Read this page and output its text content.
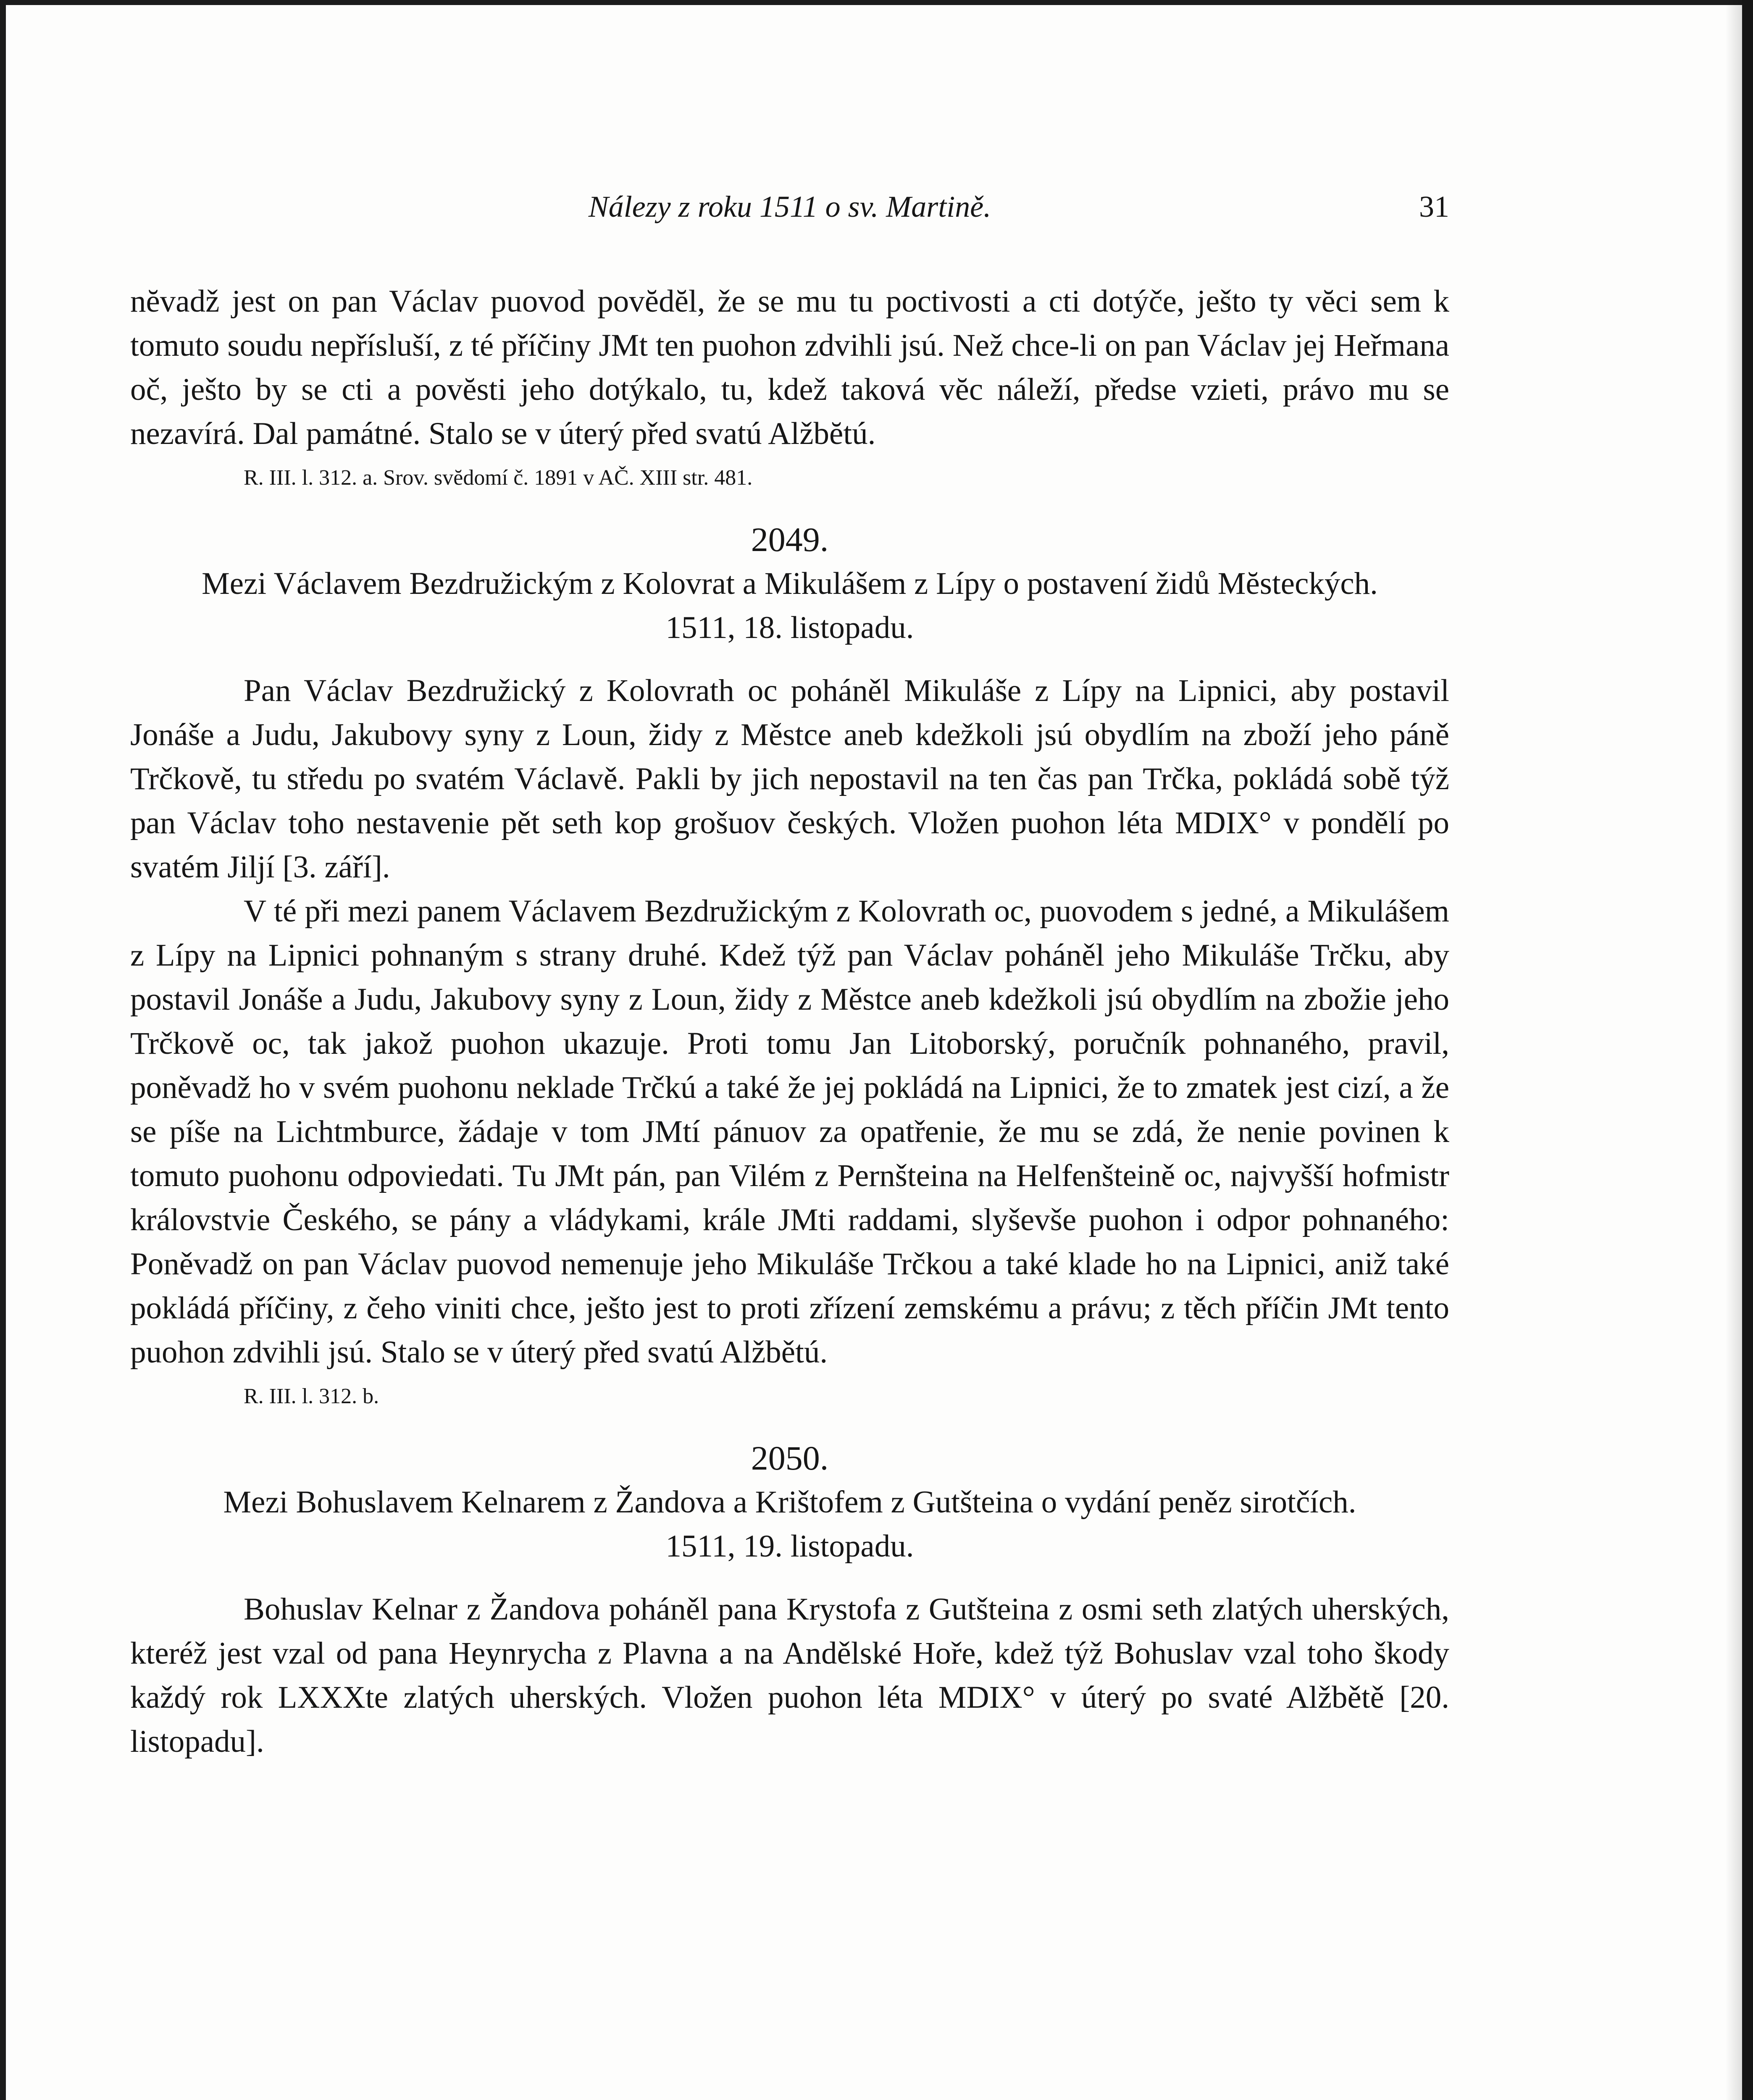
Nálezy z roku 1511 o sv. Martině.	31

nĕvadž jest on pan Václav puovod povĕdĕl, že se mu tu poctivosti a cti dotýče, ješto ty vĕci sem k tomuto soudu nepřísluší, z té příčiny JMt ten puohon zdvihli jsú. Než chce-li on pan Václav jej Heřmana oč, ješto by se cti a povĕsti jeho dotýkalo, tu, kdež taková vĕc náleží, předse vzieti, právo mu se nezavírá. Dal památné. Stalo se v úterý před svatú Alžbĕtú.

R. III. l. 312. a. Srov. svĕdomí č. 1891 v AČ. XIII str. 481.

2049.
Mezi Václavem Bezdružickým z Kolovrat a Mikulášem z Lípy o postavení židů Mĕsteckých.
1511, 18. listopadu.

Pan Václav Bezdružický z Kolovrath oc poháněl Mikuláše z Lípy na Lipnici, aby postavil Jonáše a Judu, Jakubovy syny z Loun, židy z Městce aneb kdežkoli jsú obydlím na zboží jeho páně Trčkově, tu středu po svatém Václavě. Pakli by jich nepostavil na ten čas pan Trčka, pokládá sobě týž pan Václav toho nestavenie pět seth kop grošuov českých. Vložen puohon léta MDIX° v pondělí po svatém Jiljí [3. září].

V té při mezi panem Václavem Bezdružickým z Kolovrath oc, puovodem s jedné, a Mikulášem z Lípy na Lipnici pohnaným s strany druhé. Kdež týž pan Václav poháněl jeho Mikuláše Trčku, aby postavil Jonáše a Judu, Jakubovy syny z Loun, židy z Městce aneb kdežkoli jsú obydlím na zbožie jeho Trčkově oc, tak jakož puohon ukazuje. Proti tomu Jan Litoborský, poručník pohnaného, pravil, poněvadž ho v svém puohonu neklade Trčkú a také že jej pokládá na Lipnici, že to zmatek jest cizí, a že se píše na Lichtmburce, žádaje v tom JMtí pánuov za opatřenie, že mu se zdá, že nenie povinen k tomuto puohonu odpoviedati. Tu JMt pán, pan Vilém z Pernšteina na Helfenšteině oc, najvyšší hofmistr královstvie Českého, se pány a vládykami, krále JMti raddami, slyševše puohon i odpor pohnaného: Poněvadž on pan Václav puovod nemenuje jeho Mikuláše Trčkou a také klade ho na Lipnici, aniž také pokládá příčiny, z čeho viniti chce, ješto jest to proti zřízení zemskému a právu; z těch příčin JMt tento puohon zdvihli jsú. Stalo se v úterý před svatú Alžbětú.

R. III. l. 312. b.

2050.
Mezi Bohuslavem Kelnarem z Žandova a Krištofem z Gutšteina o vydání peněz sirotčích.
1511, 19. listopadu.

Bohuslav Kelnar z Žandova poháněl pana Krystofa z Gutšteina z osmi seth zlatých uherských, kteréž jest vzal od pana Heynrycha z Plavna a na Andělské Hoře, kdež týž Bohuslav vzal toho škody každý rok LXXXte zlatých uherských. Vložen puohon léta MDIX° v úterý po svaté Alžbětě [20. listopadu].
